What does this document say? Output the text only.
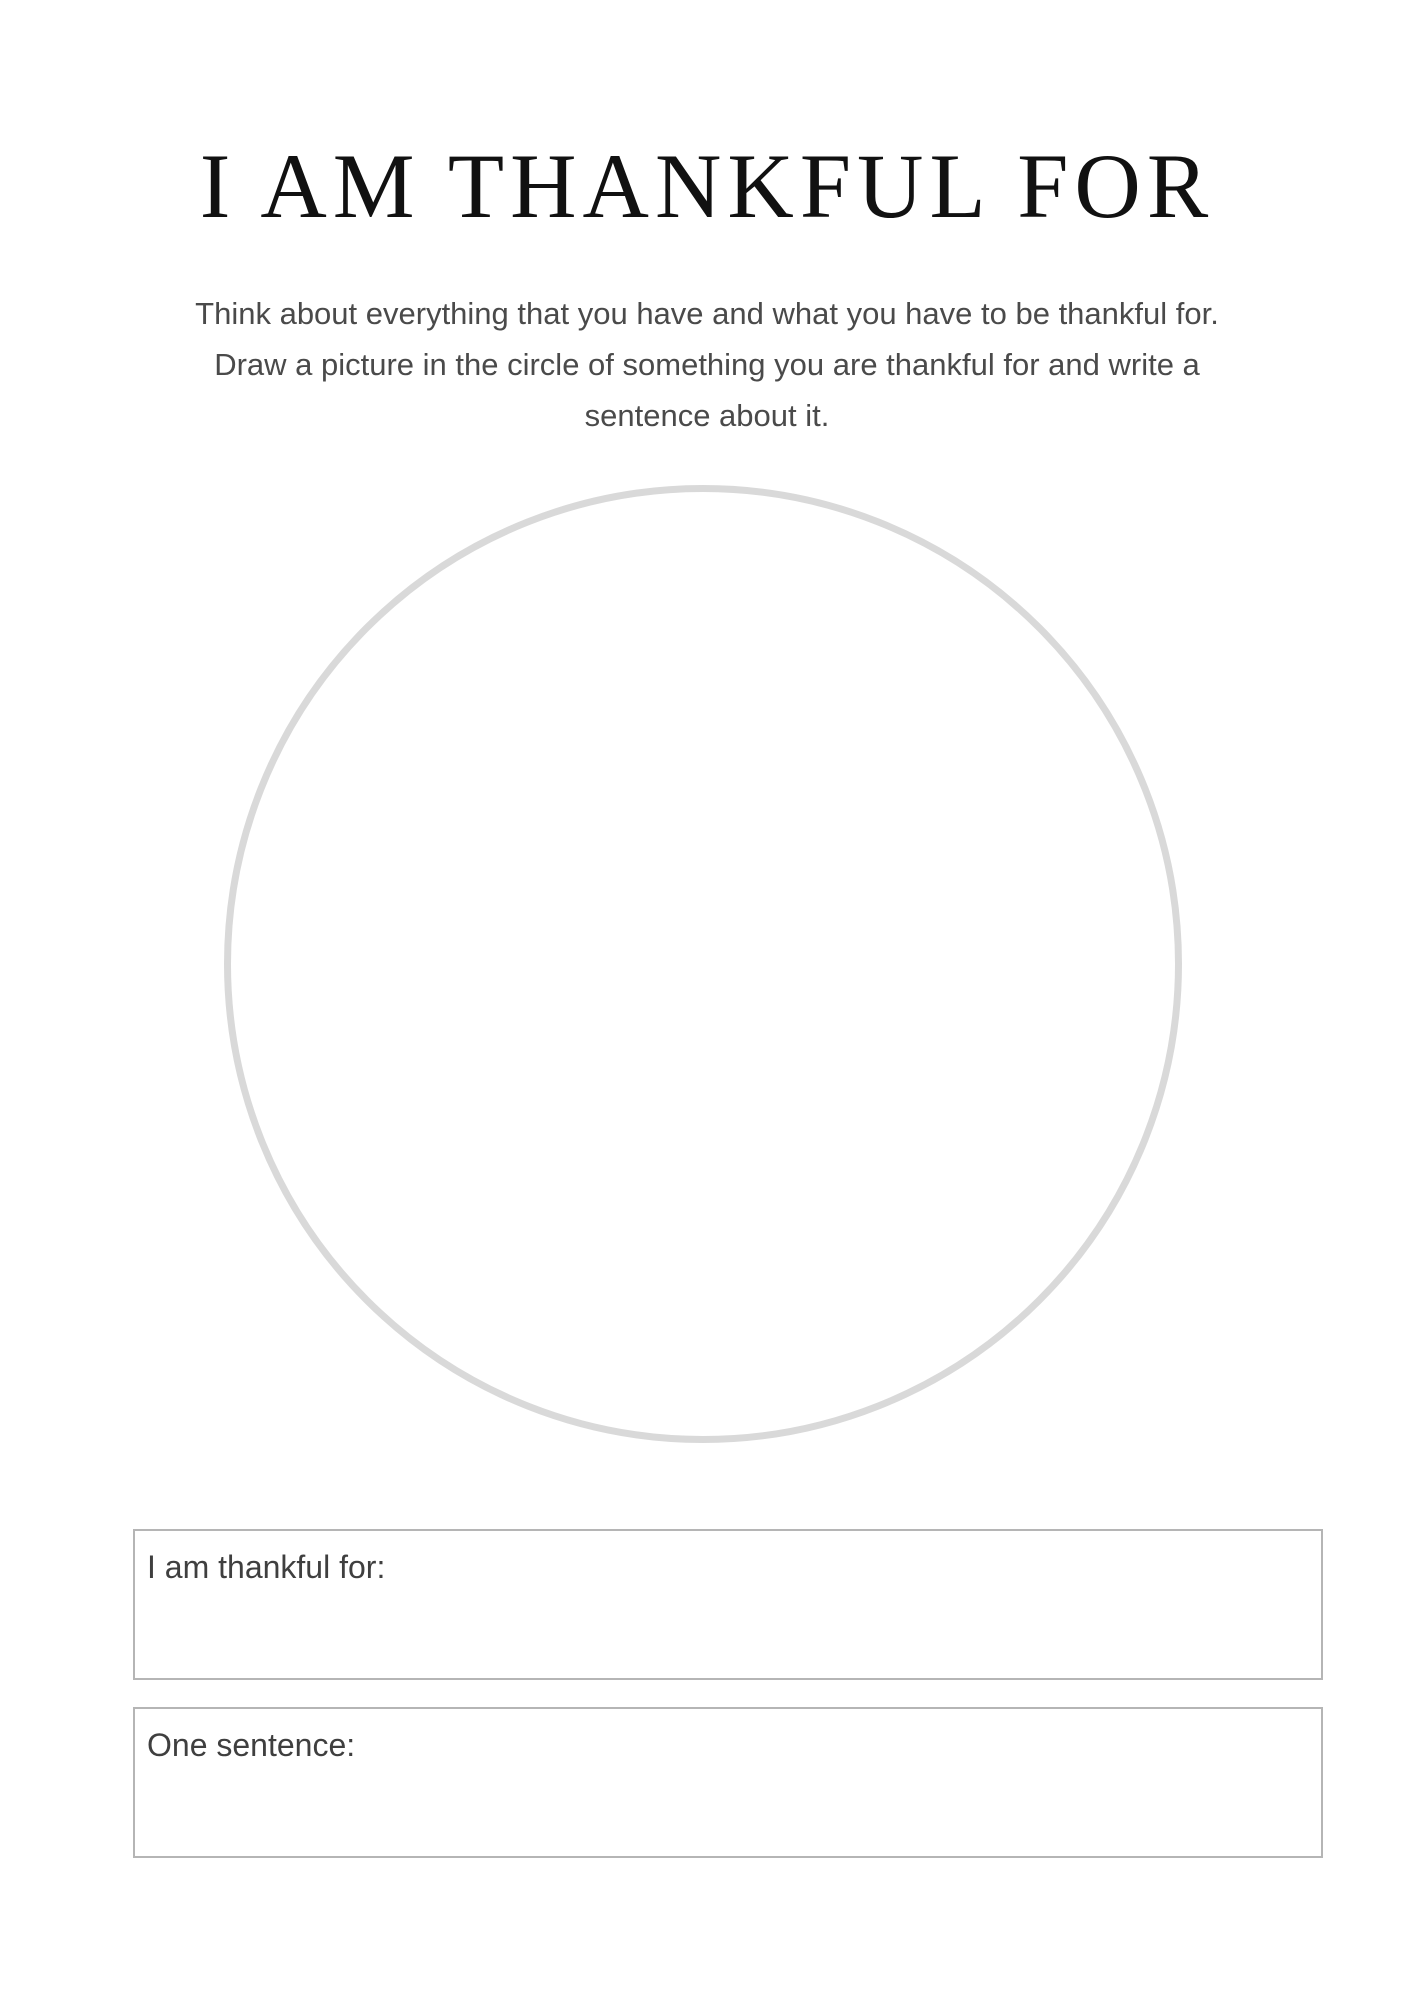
I AM THANKFUL FOR
Think about everything that you have and what you have to be thankful for.
Draw a picture in the circle of something you are thankful for and write a
sentence about it.
I am thankful for:
One sentence:
